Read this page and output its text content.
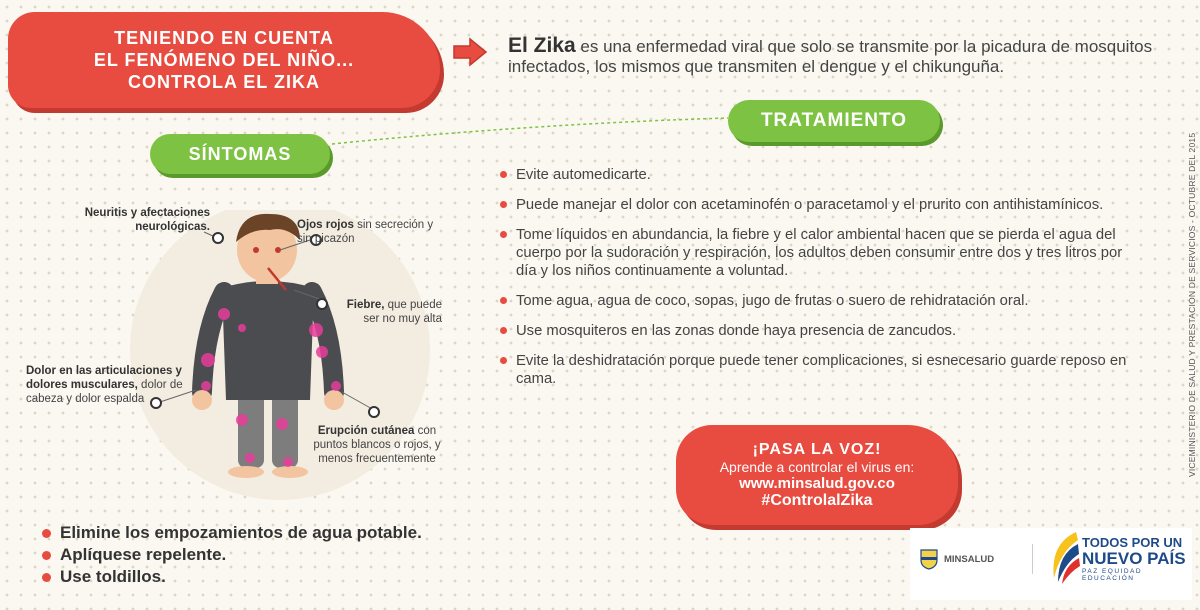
TENIENDO EN CUENTA
EL FENÓMENO DEL NIÑO...
CONTROLA EL ZIKA
El Zika es una enfermedad viral que solo se transmite por la picadura de mosquitos infectados, los mismos que transmiten el dengue y el chikunguña.
SÍNTOMAS
TRATAMIENTO
Neuritis y afectaciones neurológicas.	Ojos rojos sin secreción y sin picazón
Fiebre, que puede ser no muy alta
Dolor en las articulaciones y dolores musculares, dolor de cabeza y dolor espalda
Erupción cutánea con puntos blancos o rojos, y menos frecuentemente
Evite automedicarte.
Puede manejar el dolor con acetaminofén o paracetamol y el prurito con antihistamínicos.
Tome líquidos en abundancia, la fiebre y el calor ambiental hacen que se pierda el agua del cuerpo por la sudoración y respiración, los adultos deben consumir entre dos y tres litros por día y los niños continuamente a voluntad.
Tome agua, agua de coco, sopas, jugo de frutas o suero de rehidratación oral.
Use mosquiteros en las zonas donde haya presencia de zancudos.
Evite la deshidratación porque puede tener complicaciones, si esnecesario guarde reposo en cama.
Elimine los empozamientos de agua potable.
Aplíquese repelente.
Use toldillos.
¡PASA LA VOZ!
Aprende a controlar el virus en:
www.minsalud.gov.co
#ControlalZika
MINSALUD
TODOS POR UN
NUEVO PAÍS
PAZ EQUIDAD EDUCACIÓN
VICEMINISTERIO DE SALUD Y PRESTACIÓN DE SERVICIOS - OCTUBRE DEL 2015
